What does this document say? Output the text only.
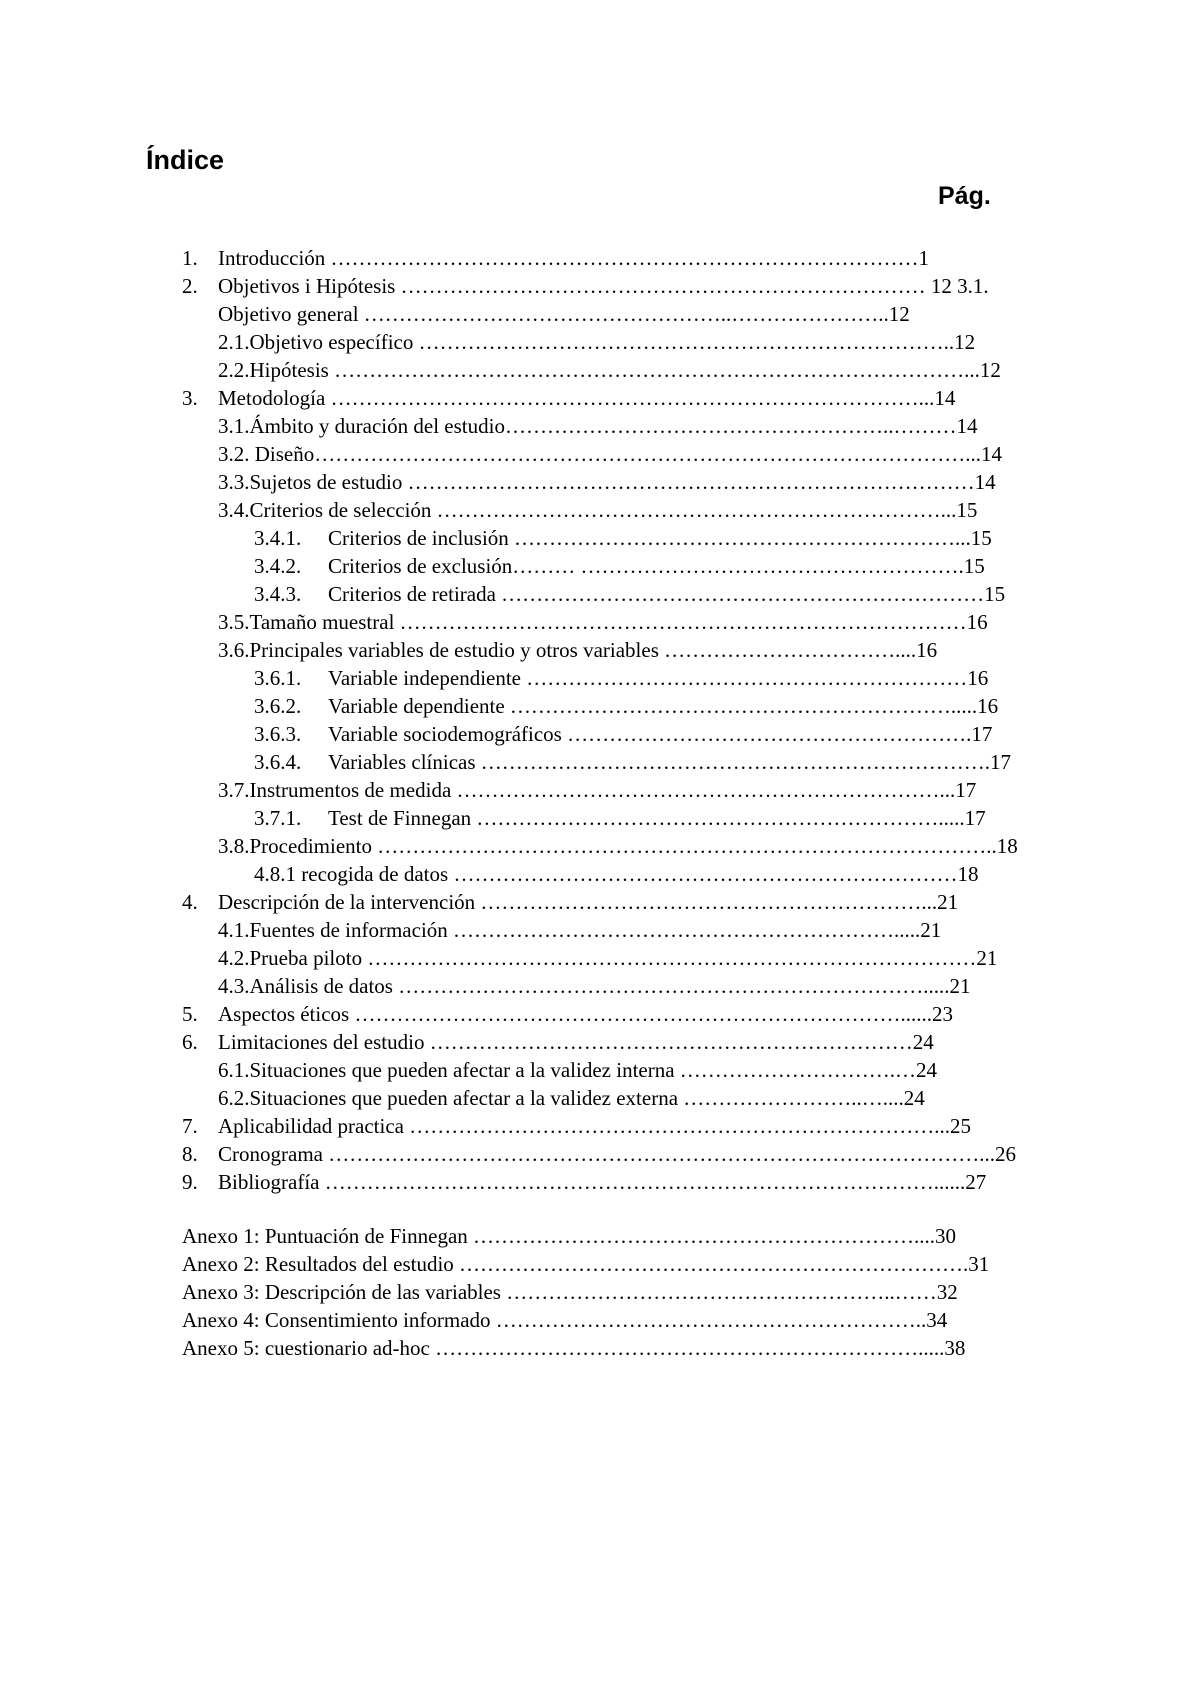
Índice
Pág.
1. Introducción …………………………………………………………………………1
2. Objetivos i Hipótesis ………………………………………………………………… 12 3.1.
Objetivo general ……………………………………………..…………………..12
2.1.Objetivo específico …………………………………………………………………..12
2.2.Hipótesis ………………………………………………………………………………...12
3. Metodología …………………………………………………………………………...14
3.1.Ámbito y duración del estudio………………………………………………..………14
3.2. Diseño…………………………………………………………………………………...14
3.3.Sujetos de estudio ………………………………………………………………………14
3.4.Criterios de selección ………………………………………………………………...15
3.4.1. Criterios de inclusión ………………………………………………………...15
3.4.2. Criterios de exclusión……… ……………………………………………….15
3.4.3. Criterios de retirada ……………………………………………………………15
3.5.Tamaño muestral ………………………………………………………………………16
3.6.Principales variables de estudio y otros variables ……………………………....16
3.6.1. Variable independiente ………………………………………………………16
3.6.2. Variable dependiente ……………………………………………………….....16
3.6.3. Variable sociodemográficos ………………………………………………….17
3.6.4. Variables clínicas ……………………………………………………………….17
3.7.Instrumentos de medida ……………………………………………………………...17
3.7.1. Test de Finnegan ………………………………………………………….....17
3.8.Procedimiento ……………………………………………………………………………..18
4.8.1 recogida de datos ………………………………………………………………18
4. Descripción de la intervención ………………………………………………………...21
4.1.Fuentes de información ……………………………………………………….....21
4.2.Prueba piloto ……………………………………………………………………………21
4.3.Análisis de datos ………………………………………………………………….....21
5. Aspectos éticos ……………………………………………………………………......23
6. Limitaciones del estudio ……………………………………………………………24
6.1.Situaciones que pueden afectar a la validez interna ………………………….…24
6.2.Situaciones que pueden afectar a la validez externa ……………………..…....24
7. Aplicabilidad practica …………………………………………………………………...25
8. Cronograma …………………………………………………………………………………...26
9. Bibliografía ……………………………………………………………………………......27
Anexo 1: Puntuación de Finnegan ………………………………………………………....30
Anexo 2: Resultados del estudio ……………………………………………………………….31
Anexo 3: Descripción de las variables ………………………………………………..……32
Anexo 4: Consentimiento informado ……………………………………………………..34
Anexo 5: cuestionario ad-hoc …………………………………………………………….....38
